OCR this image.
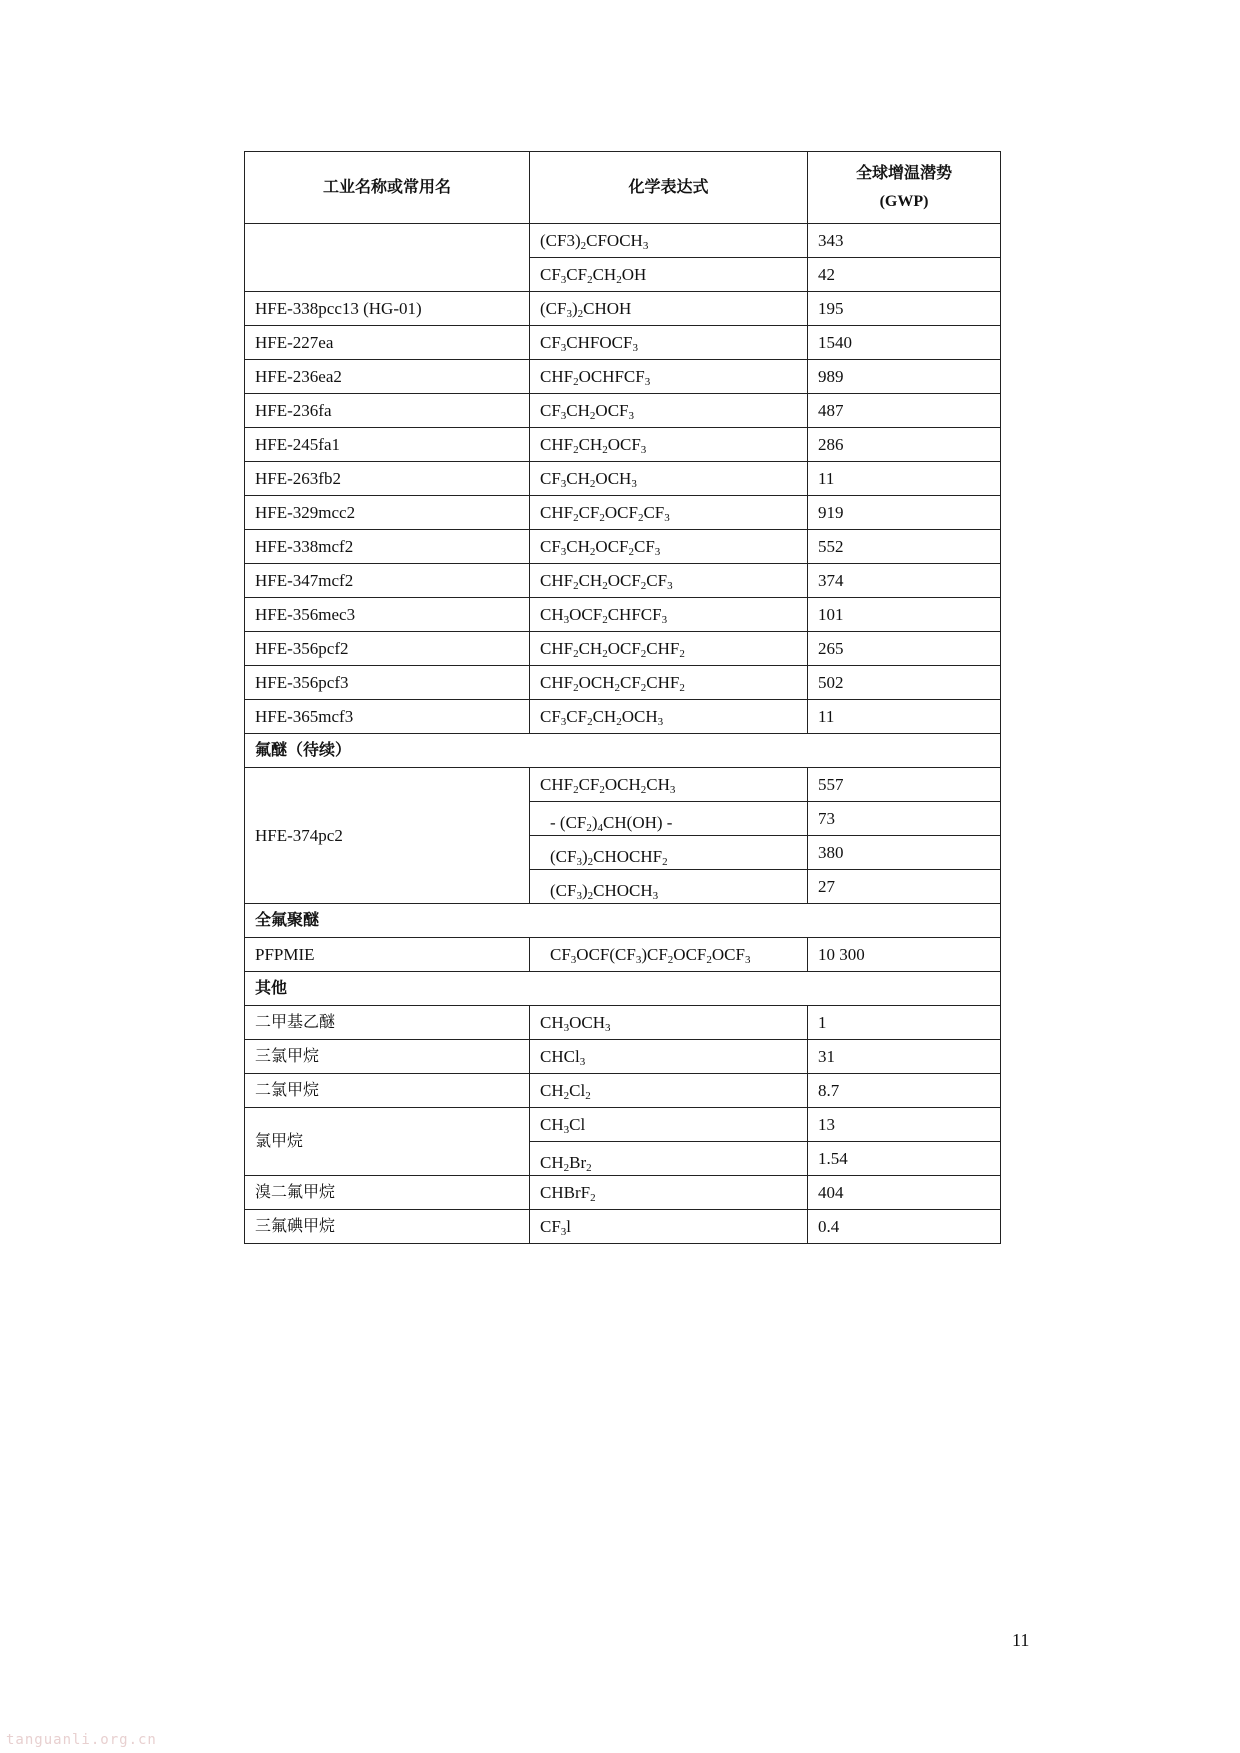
工业名称或常用名	化学表达式	全球增温潜势
(GWP)

	$(CF3)_2CFOCH_3$	343
	$CF_3CF_2CH_2OH$	42
HFE-338pcc13 (HG-01)	$(CF_3)_2CHOH$	195
HFE-227ea	$CF_3CHFOCF_3$	1540
HFE-236ea2	$CHF_2OCHFCF_3$	989
HFE-236fa	$CF_3CH_2OCF_3$	487
HFE-245fa1	$CHF_2CH_2OCF_3$	286
HFE-263fb2	$CF_3CH_2OCH_3$	11
HFE-329mcc2	$CHF_2CF_2OCF_2CF_3$	919
HFE-338mcf2	$CF_3CH_2OCF_2CF_3$	552
HFE-347mcf2	$CHF_2CH_2OCF_2CF_3$	374
HFE-356mec3	$CH_3OCF_2CHFCF_3$	101
HFE-356pcf2	$CHF_2CH_2OCF_2CHF_2$	265
HFE-356pcf3	$CHF_2OCH_2CF_2CHF_2$	502
HFE-365mcf3	$CF_3CF_2CH_2OCH_3$	11
氟醚（待续）		
HFE-374pc2	$CHF_2CF_2OCH_2CH_3$	557
	- $(CF_2)_4CH(OH)$ -	73
	$(CF_3)_2CHOCHF_2$	380
	$(CF_3)_2CHOCH_3$	27
全氟聚醚		
PFPMIE	$CF_3OCF(CF_3)CF_2OCF_2OCF_3$	10 300
其他		
二甲基乙醚	$CH_3OCH_3$	1
三氯甲烷	CHCl$_3$	31
二氯甲烷	$CH_2Cl_2$	8.7
氯甲烷	$CH_3Cl$	13
	$CH_2Br_2$	1.54
溴二氟甲烷	CHBrF$_2$	404
三氟碘甲烷	$CF_3l$	0.4
11
tanguanli.org.cn
